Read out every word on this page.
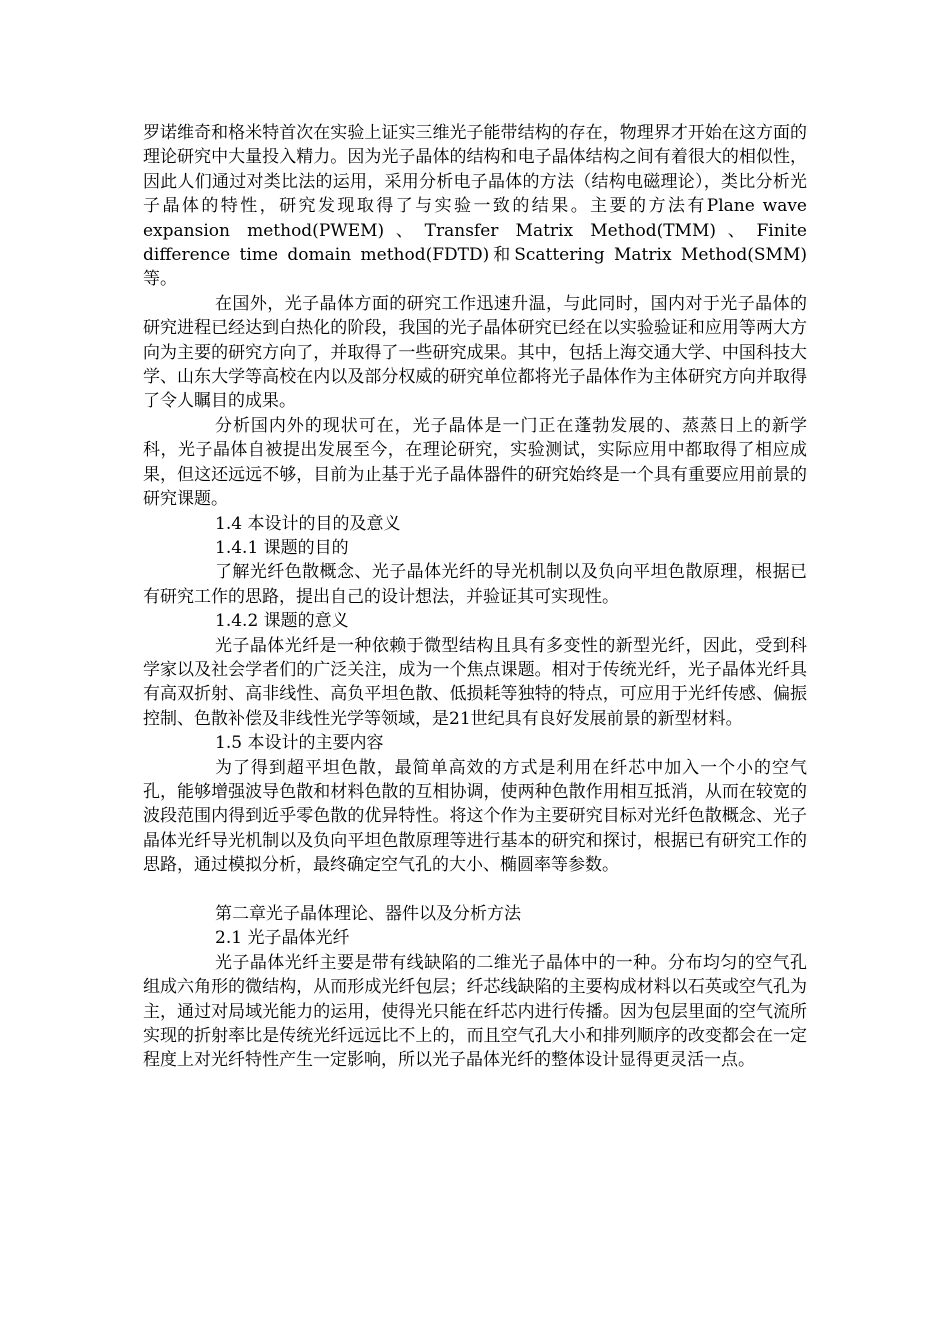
罗诺维奇和格米特首次在实验上证实三维光子能带结构的存在，物理界才开始在这方面的理论研究中大量投入精力。因为光子晶体的结构和电子晶体结构之间有着很大的相似性，因此人们通过对类比法的运用，采用分析电子晶体的方法（结构电磁理论），类比分析光子晶体的特性，研究发现取得了与实验一致的结果。主要的方法有Plane wave expansion method(PWEM)、Transfer Matrix Method(TMM)、Finite difference time domain method(FDTD)和Scattering Matrix Method(SMM)等。

在国外，光子晶体方面的研究工作迅速升温，与此同时，国内对于光子晶体的研究进程已经达到白热化的阶段，我国的光子晶体研究已经在以实验验证和应用等两大方向为主要的研究方向了，并取得了一些研究成果。其中，包括上海交通大学、中国科技大学、山东大学等高校在内以及部分权威的研究单位都将光子晶体作为主体研究方向并取得了令人瞩目的成果。

分析国内外的现状可在，光子晶体是一门正在蓬勃发展的、蒸蒸日上的新学科，光子晶体自被提出发展至今，在理论研究，实验测试，实际应用中都取得了相应成果，但这还远远不够，目前为止基于光子晶体器件的研究始终是一个具有重要应用前景的研究课题。

1.4 本设计的目的及意义

1.4.1 课题的目的

了解光纤色散概念、光子晶体光纤的导光机制以及负向平坦色散原理，根据已有研究工作的思路，提出自己的设计想法，并验证其可实现性。

1.4.2 课题的意义

光子晶体光纤是一种依赖于微型结构且具有多变性的新型光纤，因此，受到科学家以及社会学者们的广泛关注，成为一个焦点课题。相对于传统光纤，光子晶体光纤具有高双折射、高非线性、高负平坦色散、低损耗等独特的特点，可应用于光纤传感、偏振控制、色散补偿及非线性光学等领域，是21世纪具有良好发展前景的新型材料。

1.5 本设计的主要内容

为了得到超平坦色散，最简单高效的方式是利用在纤芯中加入一个小的空气孔，能够增强波导色散和材料色散的互相协调，使两种色散作用相互抵消，从而在较宽的波段范围内得到近乎零色散的优异特性。将这个作为主要研究目标对光纤色散概念、光子晶体光纤导光机制以及负向平坦色散原理等进行基本的研究和探讨，根据已有研究工作的思路，通过模拟分析，最终确定空气孔的大小、椭圆率等参数。

第二章光子晶体理论、器件以及分析方法

2.1 光子晶体光纤

光子晶体光纤主要是带有线缺陷的二维光子晶体中的一种。分布均匀的空气孔组成六角形的微结构，从而形成光纤包层；纤芯线缺陷的主要构成材料以石英或空气孔为主，通过对局域光能力的运用，使得光只能在纤芯内进行传播。因为包层里面的空气流所实现的折射率比是传统光纤远远比不上的，而且空气孔大小和排列顺序的改变都会在一定程度上对光纤特性产生一定影响，所以光子晶体光纤的整体设计显得更灵活一点。
